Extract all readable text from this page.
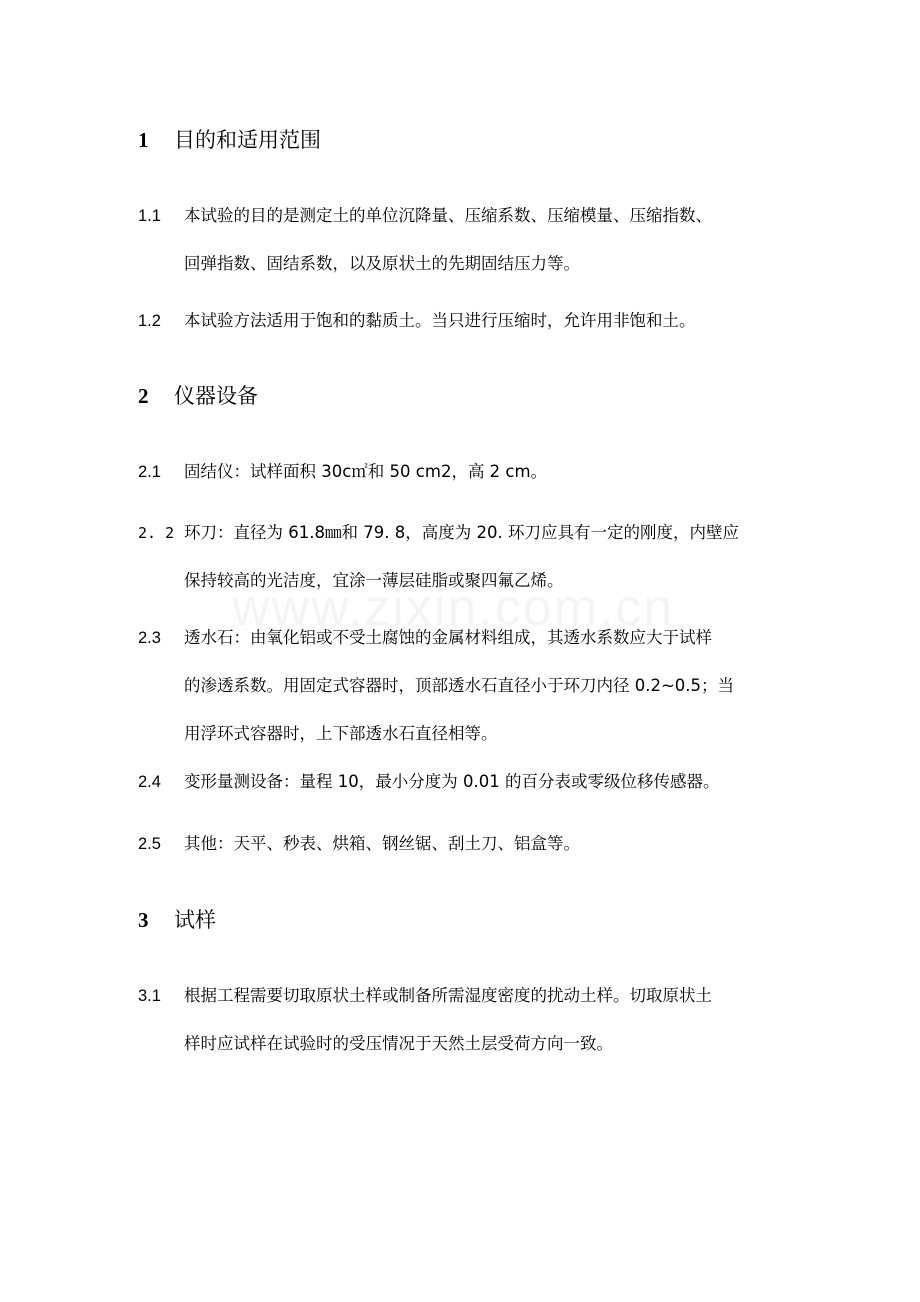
1 目的和适用范围
1.1 本试验的目的是测定土的单位沉降量、压缩系数、压缩模量、压缩指数、
回弹指数、固结系数，以及原状土的先期固结压力等。
1.2 本试验方法适用于饱和的黏质土。当只进行压缩时，允许用非饱和土。
2 仪器设备
2.1 固结仪：试样面积 30c㎡和 50 cm2，高 2 cm。
2. 2 环刀：直径为 61.8㎜和 79. 8，高度为 20. 环刀应具有一定的刚度，内壁应
保持较高的光洁度，宜涂一薄层硅脂或聚四氟乙烯。
2.3 透水石：由氧化铝或不受土腐蚀的金属材料组成，其透水系数应大于试样
的渗透系数。用固定式容器时，顶部透水石直径小于环刀内径 0.2~0.5；当
用浮环式容器时，上下部透水石直径相等。
2.4 变形量测设备：量程 10，最小分度为 0.01 的百分表或零级位移传感器。
2.5 其他：天平、秒表、烘箱、钢丝锯、刮土刀、铝盒等。
3 试样
3.1 根据工程需要切取原状土样或制备所需湿度密度的扰动土样。切取原状土
样时应试样在试验时的受压情况于天然土层受荷方向一致。
